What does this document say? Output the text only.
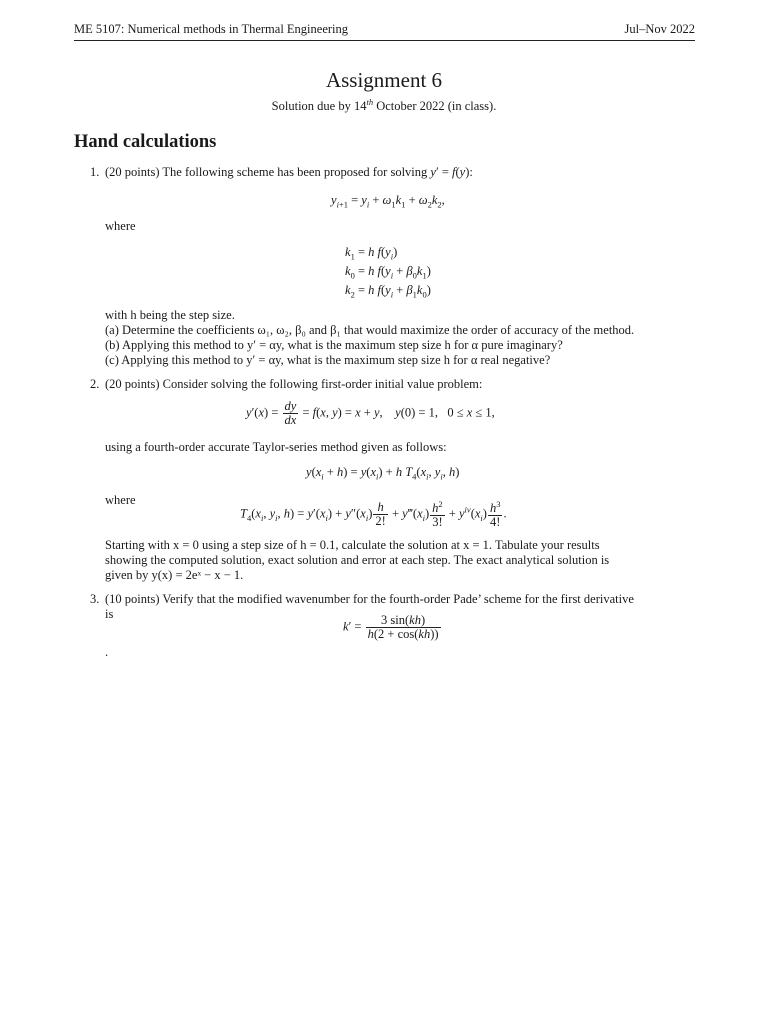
ME 5107: Numerical methods in Thermal Engineering	Jul–Nov 2022
Assignment 6
Solution due by 14th October 2022 (in class).
Hand calculations
1. (20 points) The following scheme has been proposed for solving y′ = f(y):
$y_{i+1} = y_i + \omega_1k_1 + \omega_2k_2$,
where
$k_1 = h$ $f(y_i)$
$k_0 = h$ $f(y_i + \beta_0k_1)$
$k_2 = h$ $f(y_i + \beta_1k_0)$
with h being the step size.
(a) Determine the coefficients ω₁, ω₂, β₀ and β₁ that would maximize the order of accuracy of the method.
(b) Applying this method to y′ = αy, what is the maximum step size h for α pure imaginary?
(c) Applying this method to y′ = αy, what is the maximum step size h for α real negative?
2. (20 points) Consider solving the following first-order initial value problem:
$y'(x) = \frac{dy}{dx} = f(x$, y) = x + y,    y(0) = 1,   0 ≤ x ≤ 1,
using a fourth-order accurate Taylor-series method given as follows:
$y(x_i + h) = y(x_i) + h$ $T_4(x_i$, $y_i$, h)
where
$T_4(x_i$, $y_i$, $h) = y'(x_i) + y''(x_i) \frac{h}{2!}$ + $y‴(x_i) \frac{h^2}{3!} + y^{iv}(x_i) \frac{h^3}{4!}$ .
Starting with x = 0 using a step size of h = 0.1, calculate the solution at x = 1. Tabulate your results
showing the computed solution, exact solution and error at each step. The exact analytical solution is
given by y(x) = 2eˣ − x − 1.
3. (10 points) Verify that the modified wavenumber for the fourth-order Pade’ scheme for the first derivative
is
$k' = \frac{3 \sin(kh)}{h(2 + \cos(kh))}$
.
